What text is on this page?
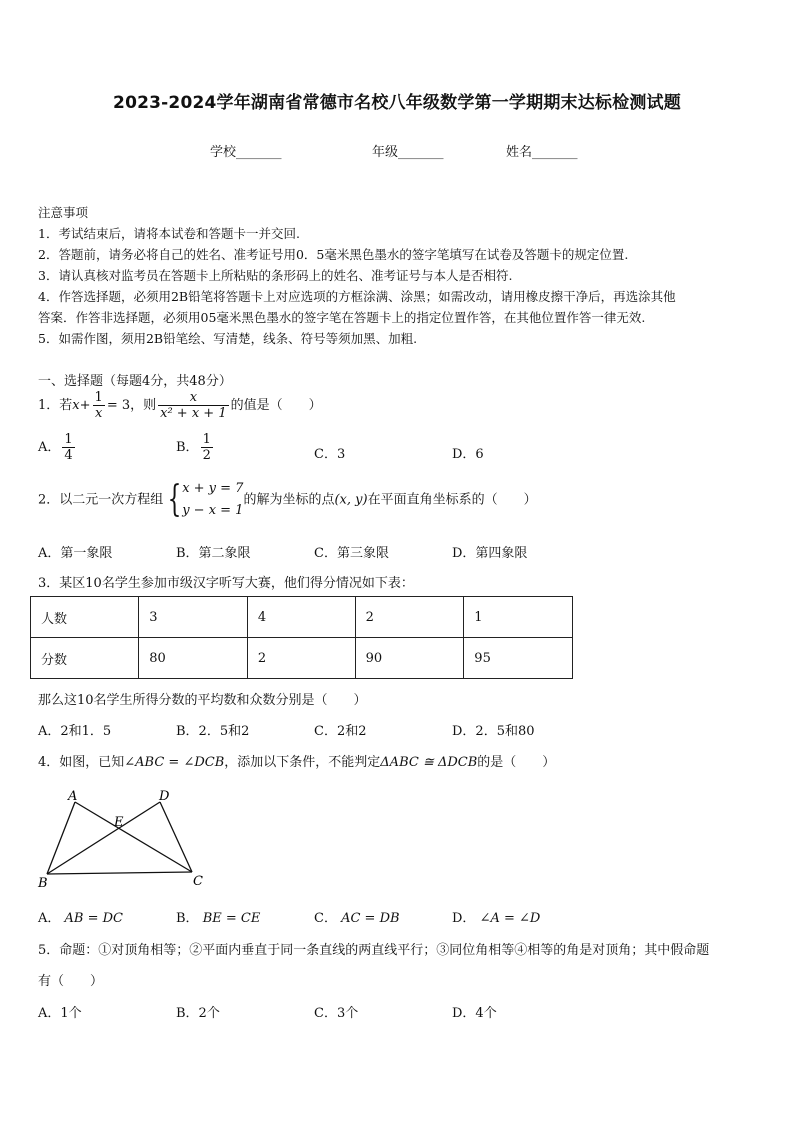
2023-2024学年湖南省常德市名校八年级数学第一学期期末达标检测试题
学校_______	年级_______	姓名_______
注意事项
1．考试结束后，请将本试卷和答题卡一并交回.
2．答题前，请务必将自己的姓名、准考证号用0．5毫米黑色墨水的签字笔填写在试卷及答题卡的规定位置.
3．请认真核对监考员在答题卡上所粘贴的条形码上的姓名、准考证号与本人是否相符.
4．作答选择题，必须用2B铅笔将答题卡上对应选项的方框涂满、涂黑；如需改动，请用橡皮擦干净后，再选涂其他
答案．作答非选择题，必须用05毫米黑色墨水的签字笔在答题卡上的指定位置作答，在其他位置作答一律无效.
5．如需作图，须用2B铅笔绘、写清楚，线条、符号等须加黑、加粗.
一、选择题（每题4分，共48分）
1．若$x+ \frac{1}{x} = 3$，则 $\frac{x}{\text{x² + x + 1}}$ 的值是（　　）
A． $\frac{1}{4}$	B． $\frac{1}{2}$	C．3	D．6
2．以二元一次方程组 { x + y = 7
y − x = 1
的解为坐标的点(x, y)在平面直角坐标系的（　　）
A．第一象限	B．第二象限	C．第三象限	D．第四象限
3．某区10名学生参加市级汉字听写大赛，他们得分情况如下表：
人数	3	4	2	1
分数	80	2	90	95
那么这10名学生所得分数的平均数和众数分别是（　　）
A．2和1．5	B．2．5和2	C．2和2	D．2．5和80
4．如图，已知∠ABC = ∠DCB，添加以下条件，不能判定ΔABC ≅ ΔDCB的是（　　）
A	D
E
B	C
A． AB = DC	B． BE = CE	C． AC = DB	D． ∠A = ∠D
5．命题：①对顶角相等；②平面内垂直于同一条直线的两直线平行；③同位角相等④相等的角是对顶角；其中假命题
有（　　）
A．1个	B．2个	C．3个	D．4个
